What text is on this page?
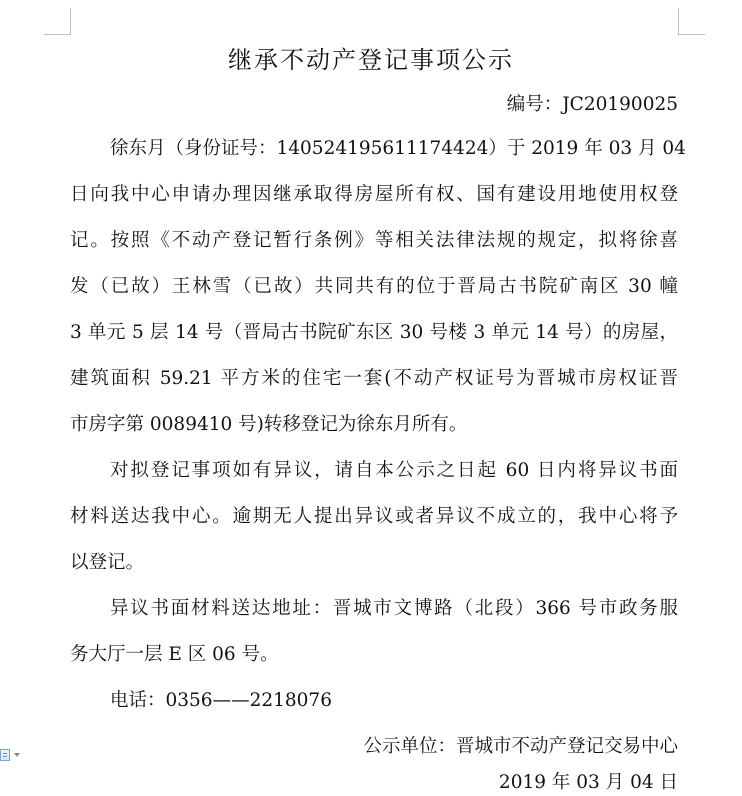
继承不动产登记事项公示
编号：JC20190025
徐东月（身份证号：140524195611174424）于 2019 年 03 月 04
日向我中心申请办理因继承取得房屋所有权、国有建设用地使用权登
记。按照《不动产登记暂行条例》等相关法律法规的规定，拟将徐喜
发（已故）王林雪（已故）共同共有的位于晋局古书院矿南区 30 幢
3 单元 5 层 14 号（晋局古书院矿东区 30 号楼 3 单元 14 号）的房屋，
建筑面积 59.21 平方米的住宅一套(不动产权证号为晋城市房权证晋
市房字第 0089410 号)转移登记为徐东月所有。
对拟登记事项如有异议，请自本公示之日起 60 日内将异议书面
材料送达我中心。逾期无人提出异议或者异议不成立的，我中心将予
以登记。
异议书面材料送达地址：晋城市文博路（北段）366 号市政务服
务大厅一层 E 区 06 号。
电话：0356——2218076
公示单位：晋城市不动产登记交易中心
2019 年 03 月 04 日
